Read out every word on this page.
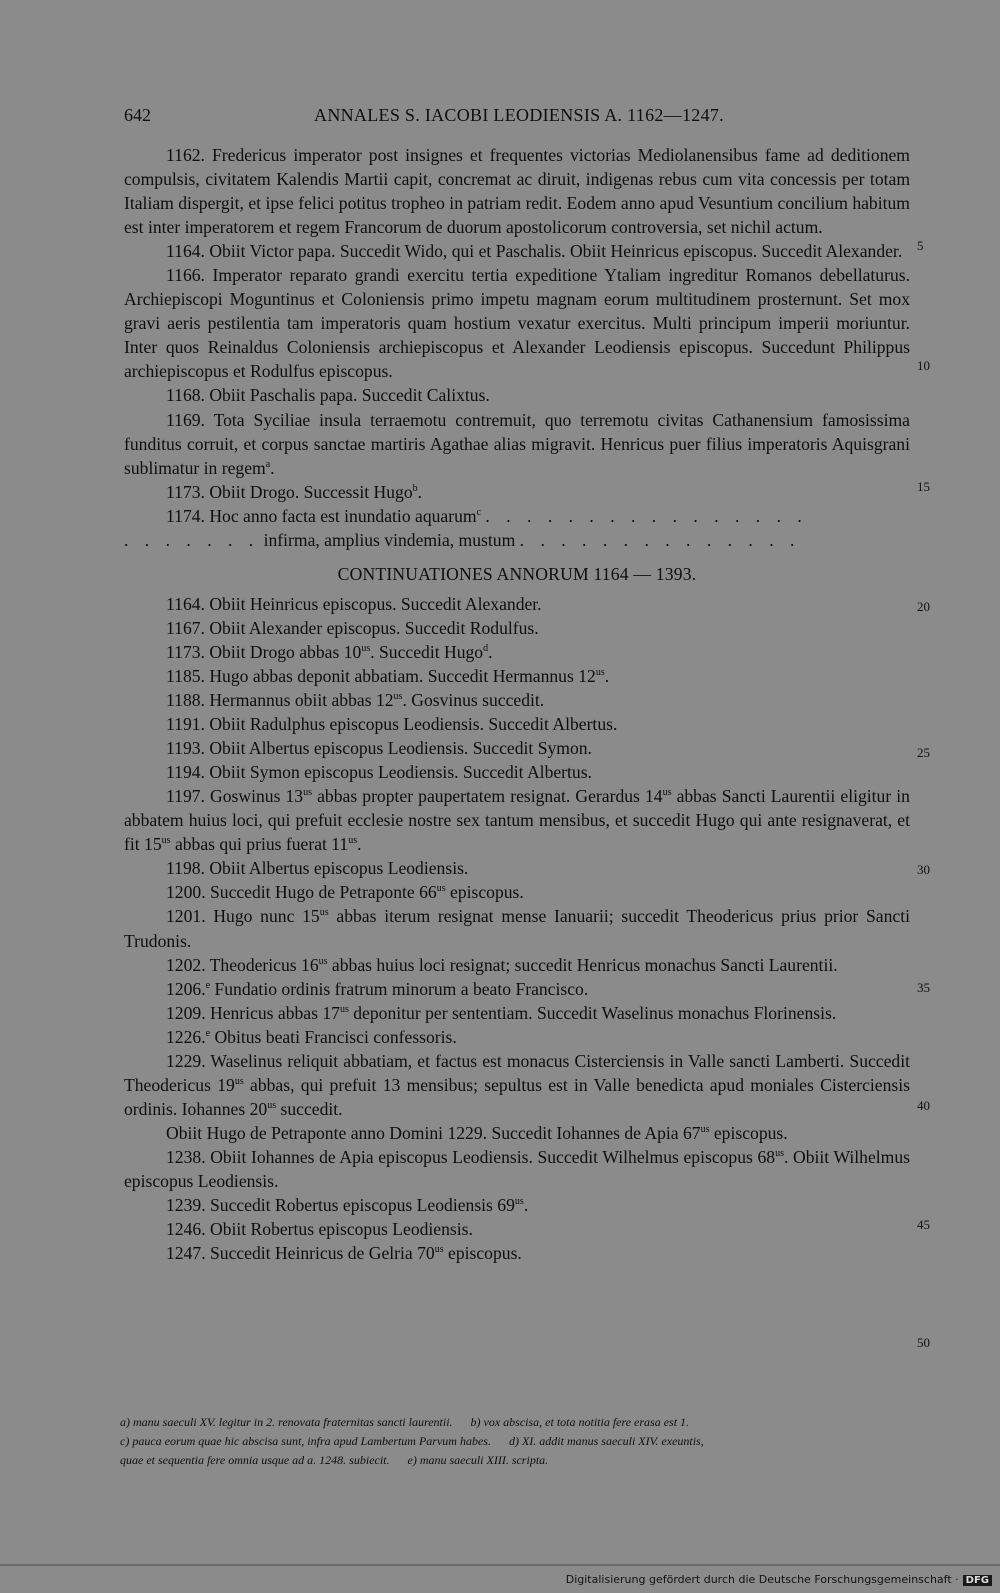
642	ANNALES S. IACOBI LEODIENSIS A. 1162—1247.
5
10
15
20
25
30
35
40
45
50
1162. Fredericus imperator post insignes et frequentes victorias Mediolanensibus fame ad deditionem compulsis, civitatem Kalendis Martii capit, concremat ac diruit, indigenas rebus cum vita concessis per totam Italiam dispergit, et ipse felici potitus tropheo in patriam redit. Eodem anno apud Vesuntium concilium habitum est inter imperatorem et regem Francorum de duorum apostolicorum controversia, set nichil actum.
1164. Obiit Victor papa. Succedit Wido, qui et Paschalis. Obiit Heinricus episcopus. Succedit Alexander.
1166. Imperator reparato grandi exercitu tertia expeditione Ytaliam ingreditur Romanos debellaturus. Archiepiscopi Moguntinus et Coloniensis primo impetu magnam eorum multitudinem prosternunt. Set mox gravi aeris pestilentia tam imperatoris quam hostium vexatur exercitus. Multi principum imperii moriuntur. Inter quos Reinaldus Coloniensis archiepiscopus et Alexander Leodiensis episcopus. Succedunt Philippus archiepiscopus et Rodulfus episcopus.
1168. Obiit Paschalis papa. Succedit Calixtus.
1169. Tota Syciliae insula terraemotu contremuit, quo terremotu civitas Cathanensium famosissima funditus corruit, et corpus sanctae martiris Agathae alias migravit. Henricus puer filius imperatoris Aquisgrani sublimatur in regem$^a$.
1173. Obiit Drogo. Successit Hugo$^b$.
1174. Hoc anno facta est inundatio aquarum$^c$ . . . . . . . . . . . . . . . .
. . . . . . . infirma, amplius vindemia, mustum . . . . . . . . . . . . . .
CONTINUATIONES ANNORUM 1164 — 1393.
1164. Obiit Heinricus episcopus. Succedit Alexander.
1167. Obiit Alexander episcopus. Succedit Rodulfus.
1173. Obiit Drogo abbas $10^{us}$. Succedit Hugo$^d$.
1185. Hugo abbas deponit abbatiam. Succedit Hermannus $12^{us}$.
1188. Hermannus obiit abbas $12^{us}$. Gosvinus succedit.
1191. Obiit Radulphus episcopus Leodiensis. Succedit Albertus.
1193. Obiit Albertus episcopus Leodiensis. Succedit Symon.
1194. Obiit Symon episcopus Leodiensis. Succedit Albertus.
1197. Goswinus $13^{us}$ abbas propter paupertatem resignat. Gerardus $14^{us}$ abbas Sancti Laurentii eligitur in abbatem huius loci, qui prefuit ecclesie nostre sex tantum mensibus, et succedit Hugo qui ante resignaverat, et fit $15^{us}$ abbas qui prius fuerat $11^{us}$.
1198. Obiit Albertus episcopus Leodiensis.
1200. Succedit Hugo de Petraponte $66^{us}$ episcopus.
1201. Hugo nunc $15^{us}$ abbas iterum resignat mense Ianuarii; succedit Theodericus prius prior Sancti Trudonis.
1202. Theodericus $16^{us}$ abbas huius loci resignat; succedit Henricus monachus Sancti Laurentii.
1206.$^e$ Fundatio ordinis fratrum minorum a beato Francisco.
1209. Henricus abbas $17^{us}$ deponitur per sententiam. Succedit Waselinus monachus Florinensis.
1226.$^e$ Obitus beati Francisci confessoris.
1229. Waselinus reliquit abbatiam, et factus est monacus Cisterciensis in Valle sancti Lamberti. Succedit Theodericus $19^{us}$ abbas, qui prefuit 13 mensibus; sepultus est in Valle benedicta apud moniales Cisterciensis ordinis. Iohannes $20^{us}$ succedit.
Obiit Hugo de Petraponte anno Domini 1229. Succedit Iohannes de Apia $67^{us}$ episcopus.
1238. Obiit Iohannes de Apia episcopus Leodiensis. Succedit Wilhelmus episcopus $68^{us}$. Obiit Wilhelmus episcopus Leodiensis.
1239. Succedit Robertus episcopus Leodiensis $69^{us}$.
1246. Obiit Robertus episcopus Leodiensis.
1247. Succedit Heinricus de Gelria $70^{us}$ episcopus.
a) manu saeculi XV. legitur in 2. renovata fraternitas sancti laurentii. b) vox abscisa, et tota notitia fere erasa est 1.
c) pauca eorum quae hic abscisa sunt, infra apud Lambertum Parvum habes. d) XI. addit manus saeculi XIV. exeuntis,
quae et sequentia fere omnia usque ad a. 1248. subiecit. e) manu saeculi XIII. scripta.
Digitalisierung gefördert durch die Deutsche Forschungsgemeinschaft · DFG
